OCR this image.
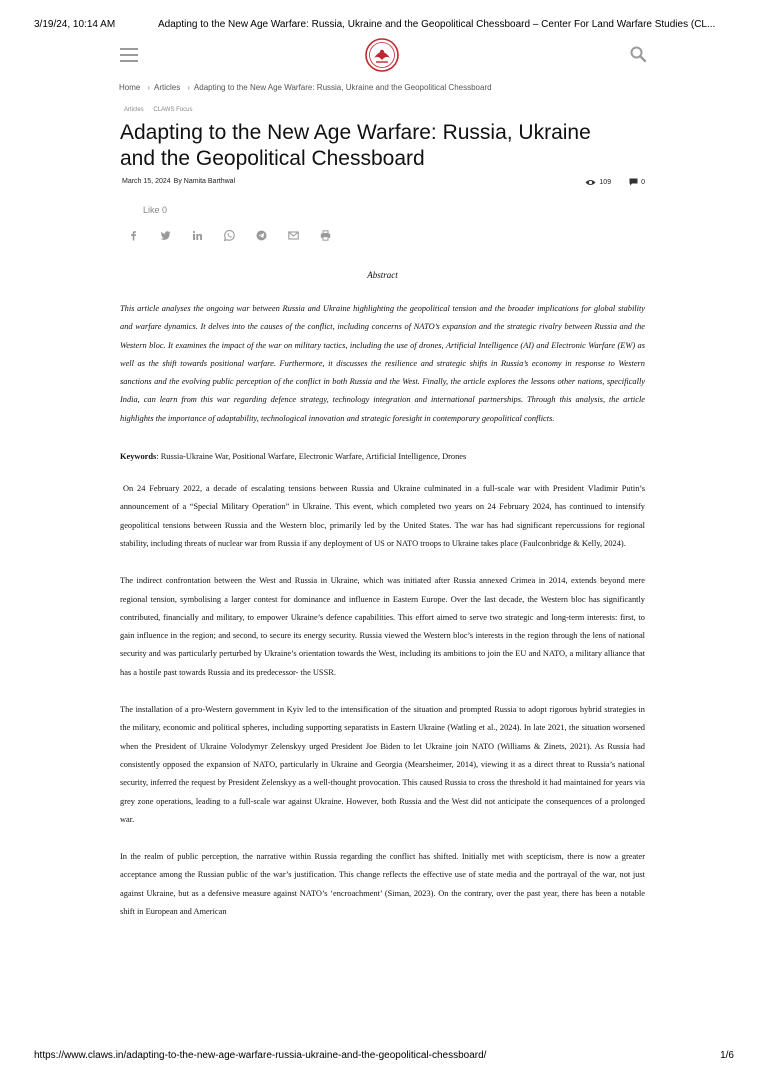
3/19/24, 10:14 AM	Adapting to the New Age Warfare: Russia, Ukraine and the Geopolitical Chessboard – Center For Land Warfare Studies (CL...
Home › Articles › Adapting to the New Age Warfare: Russia, Ukraine and the Geopolitical Chessboard
Articles CLAWS Focus
Adapting to the New Age Warfare: Russia, Ukraine and the Geopolitical Chessboard
March 15, 2024 By Namita Barthwal	109	0
Like 0

Abstract

This article analyses the ongoing war between Russia and Ukraine highlighting the geopolitical tension and the broader implications for global stability and warfare dynamics. It delves into the causes of the conflict, including concerns of NATO’s expansion and the strategic rivalry between Russia and the Western bloc. It examines the impact of the war on military tactics, including the use of drones, Artificial Intelligence (AI) and Electronic Warfare (EW) as well as the shift towards positional warfare. Furthermore, it discusses the resilience and strategic shifts in Russia’s economy in response to Western sanctions and the evolving public perception of the conflict in both Russia and the West. Finally, the article explores the lessons other nations, specifically India, can learn from this war regarding defence strategy, technology integration and international partnerships. Through this analysis, the article highlights the importance of adaptability, technological innovation and strategic foresight in contemporary geopolitical conflicts.

Keywords: Russia-Ukraine War, Positional Warfare, Electronic Warfare, Artificial Intelligence, Drones

On 24 February 2022, a decade of escalating tensions between Russia and Ukraine culminated in a full-scale war with President Vladimir Putin’s announcement of a “Special Military Operation” in Ukraine. This event, which completed two years on 24 February 2024, has continued to intensify geopolitical tensions between Russia and the Western bloc, primarily led by the United States. The war has had significant repercussions for regional stability, including threats of nuclear war from Russia if any deployment of US or NATO troops to Ukraine takes place (Faulconbridge & Kelly, 2024).

The indirect confrontation between the West and Russia in Ukraine, which was initiated after Russia annexed Crimea in 2014, extends beyond mere regional tension, symbolising a larger contest for dominance and influence in Eastern Europe. Over the last decade, the Western bloc has significantly contributed, financially and military, to empower Ukraine’s defence capabilities. This effort aimed to serve two strategic and long-term interests: first, to gain influence in the region; and second, to secure its energy security. Russia viewed the Western bloc’s interests in the region through the lens of national security and was particularly perturbed by Ukraine’s orientation towards the West, including its ambitions to join the EU and NATO, a military alliance that has a hostile past towards Russia and its predecessor- the USSR.

The installation of a pro-Western government in Kyiv led to the intensification of the situation and prompted Russia to adopt rigorous hybrid strategies in the military, economic and political spheres, including supporting separatists in Eastern Ukraine (Watling et al., 2024). In late 2021, the situation worsened when the President of Ukraine Volodymyr Zelenskyy urged President Joe Biden to let Ukraine join NATO (Williams & Zinets, 2021). As Russia had consistently opposed the expansion of NATO, particularly in Ukraine and Georgia (Mearsheimer, 2014), viewing it as a direct threat to Russia’s national security, inferred the request by President Zelenskyy as a well-thought provocation. This caused Russia to cross the threshold it had maintained for years via grey zone operations, leading to a full-scale war against Ukraine. However, both Russia and the West did not anticipate the consequences of a prolonged war.

In the realm of public perception, the narrative within Russia regarding the conflict has shifted. Initially met with scepticism, there is now a greater acceptance among the Russian public of the war’s justification. This change reflects the effective use of state media and the portrayal of the war, not just against Ukraine, but as a defensive measure against NATO’s ‘encroachment’ (Siman, 2023). On the contrary, over the past year, there has been a notable shift in European and American

https://www.claws.in/adapting-to-the-new-age-warfare-russia-ukraine-and-the-geopolitical-chessboard/	1/6
